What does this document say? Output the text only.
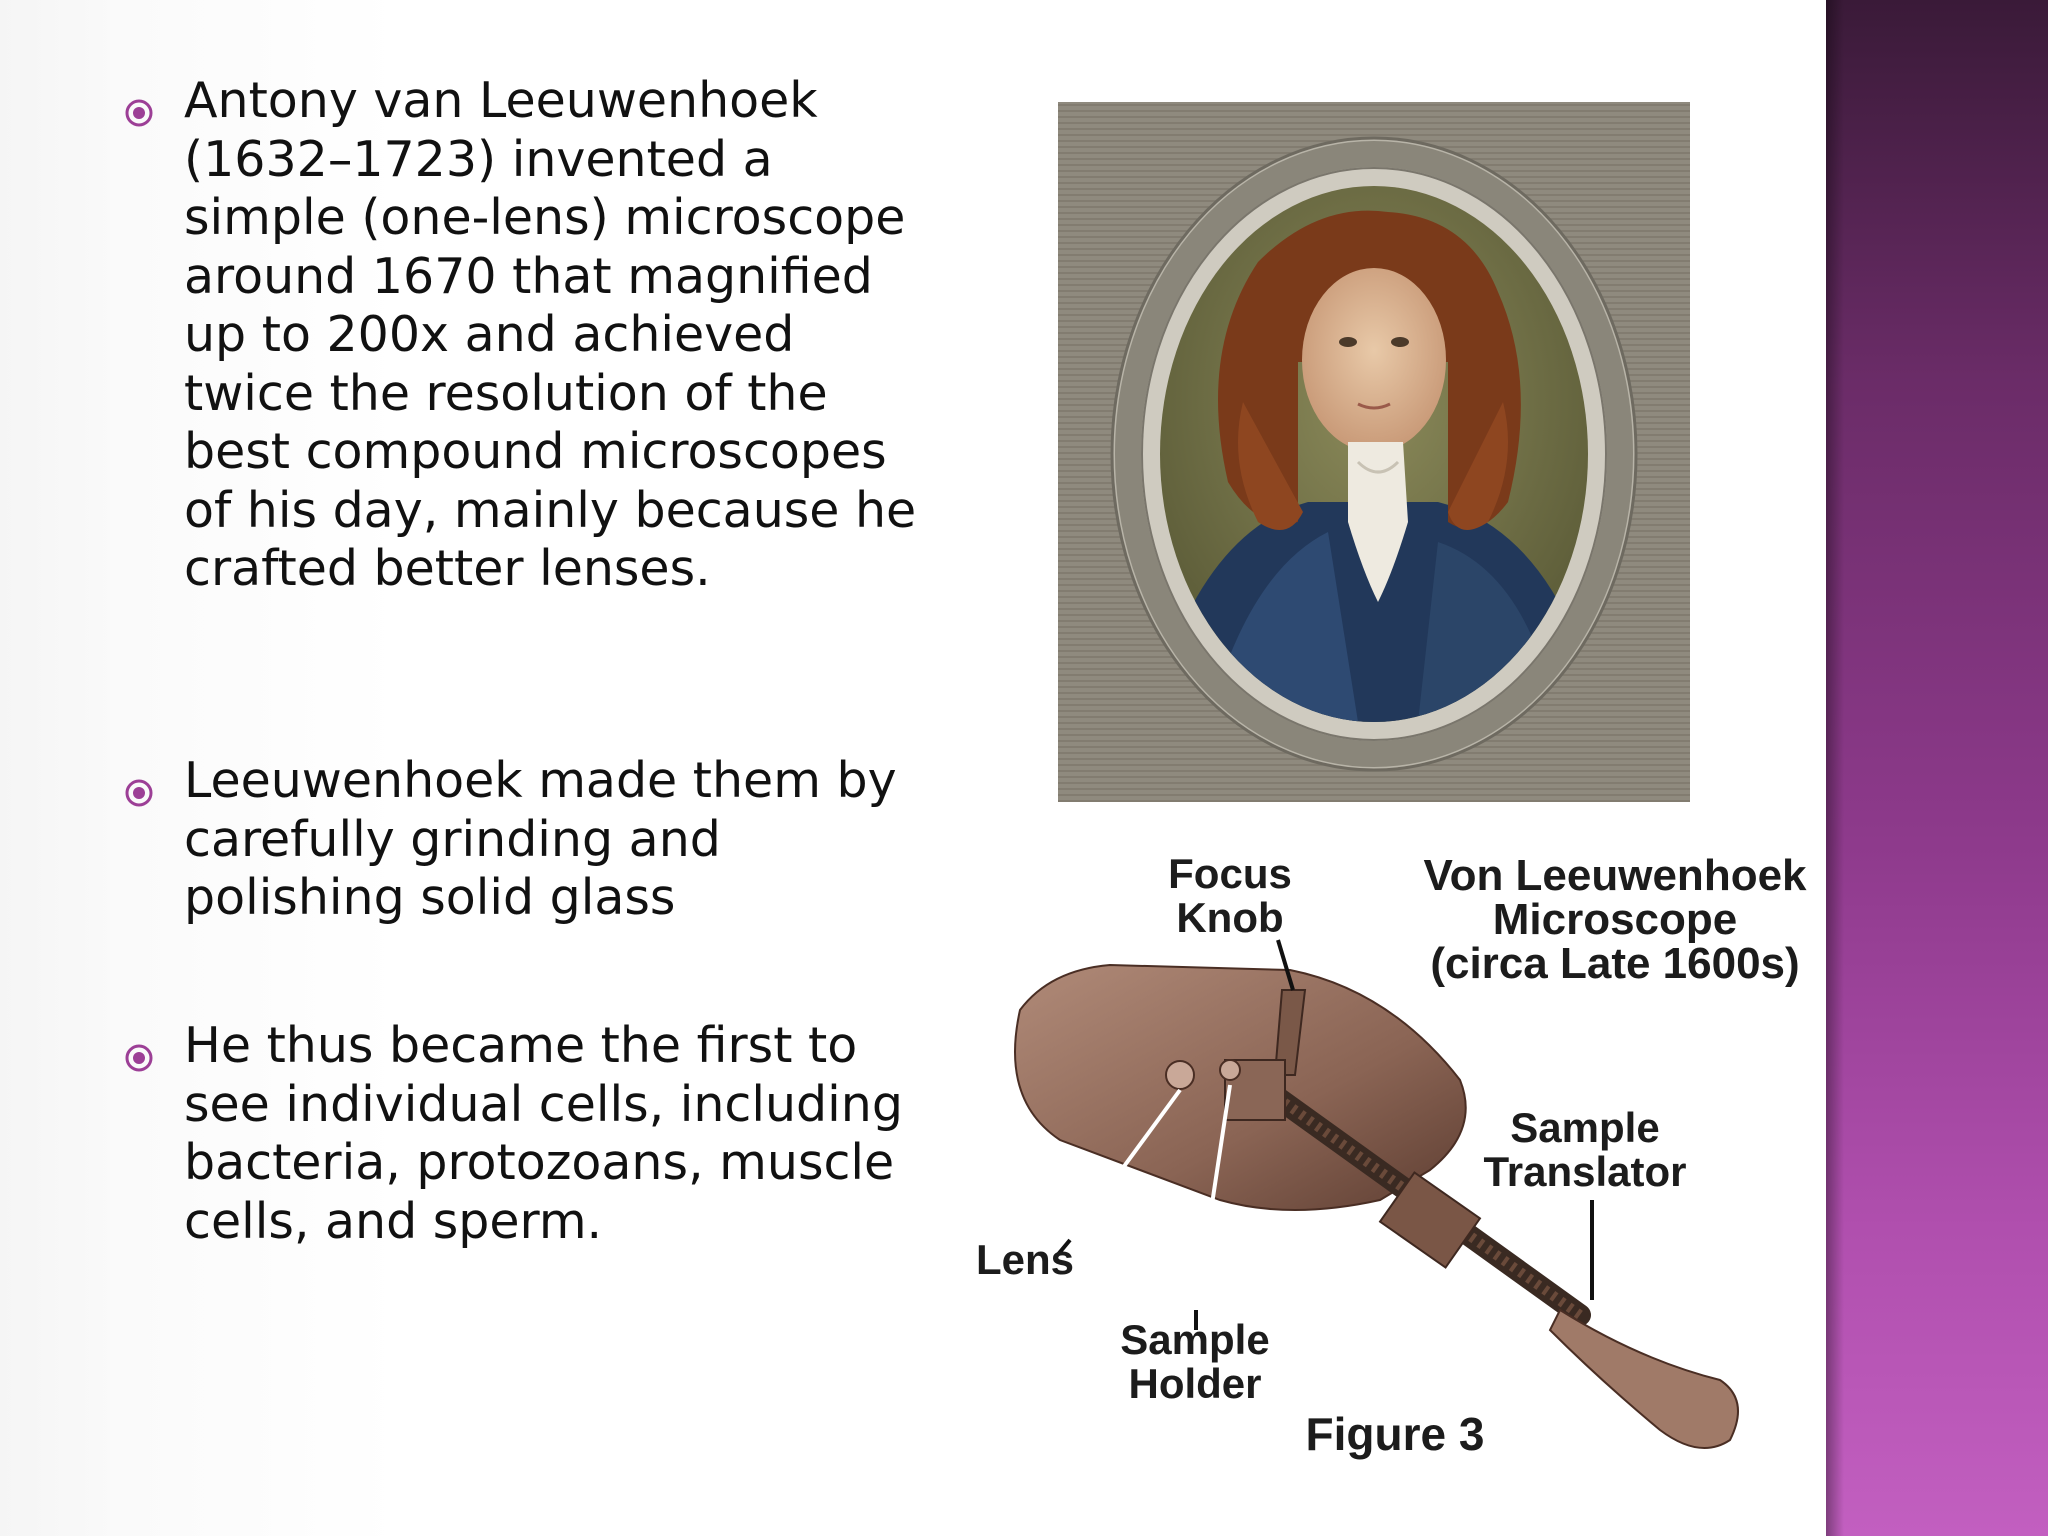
Antony van Leeuwenhoek (1632–1723) invented a simple (one-lens) microscope around 1670 that magnified up to 200x and achieved twice the resolution of the best compound microscopes of his day, mainly because he crafted better lenses.
Leeuwenhoek made them by carefully grinding and polishing solid glass
He thus became the first to see individual cells, including bacteria, protozoans, muscle cells, and sperm.
Von Leeuwenhoek
Microscope
(circa Late 1600s)
Focus
Knob
Sample
Translator
Lens
Sample
Holder
Figure 3
